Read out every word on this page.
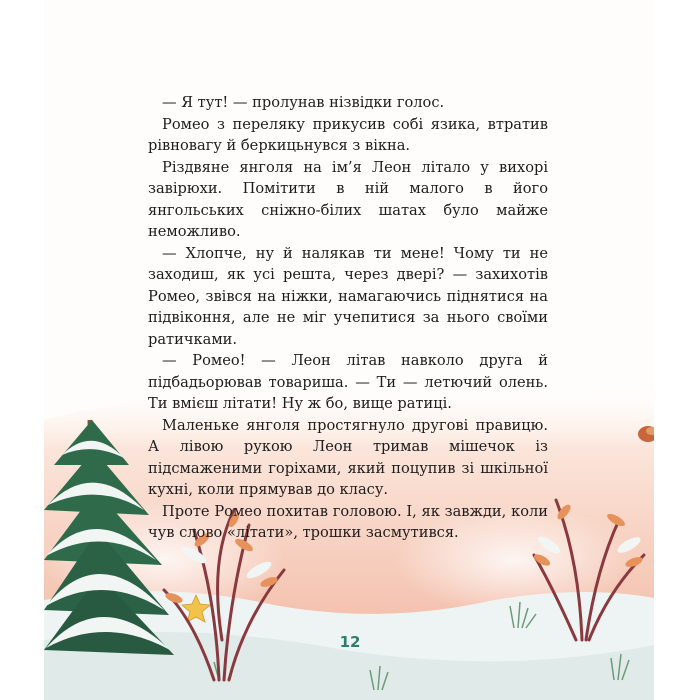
— Я тут! — пролунав нізвідки голос.

Ромео з переляку прикусив собі язика, втратив рівновагу й беркицьнувся з вікна.

Різдвяне янголя на ім’я Леон літало у вихорі завірюхи. Помітити в ній малого в його янгольських сніжно-білих шатах було майже неможливо.

— Хлопче, ну й налякав ти мене! Чому ти не заходиш, як усі решта, через двері? — захихотів Ромео, звівся на ніжки, намагаючись піднятися на підвіконня, але не міг учепитися за нього своїми ратичками.

— Ромео! — Леон літав навколо друга й підбадьорював товариша. — Ти — летючий олень. Ти вмієш літати! Ну ж бо, вище ратиці.

Маленьке янголя простягнуло другові правицю. А лівою рукою Леон тримав мішечок із підсмаженими горіхами, який поцупив зі шкільної кухні, коли прямував до класу.

Проте Ромео похитав головою. І, як завжди, коли чув слово «літати», трошки засмутився.

12
